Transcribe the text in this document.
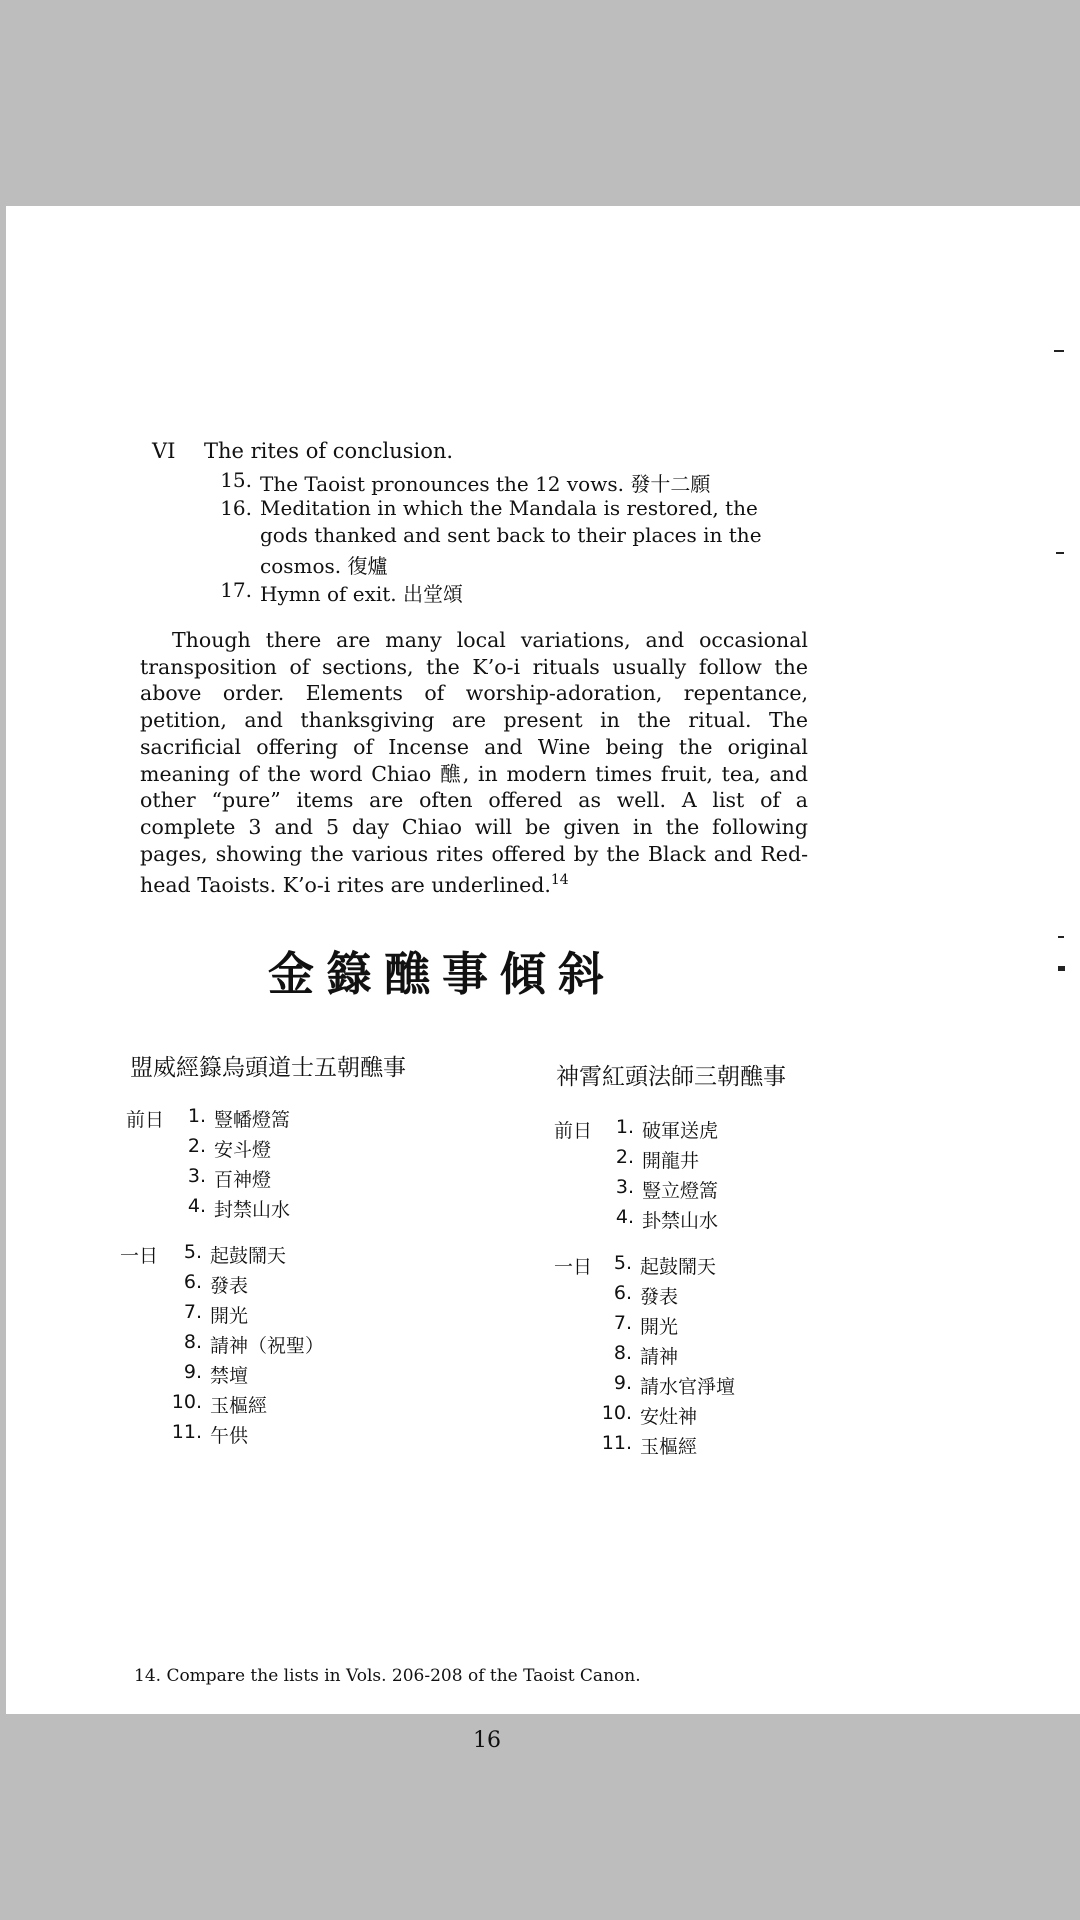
VI The rites of conclusion.
15. The Taoist pronounces the 12 vows. 發十二願
16. Meditation in which the Mandala is restored, the
gods thanked and sent back to their places in the
cosmos. 復爐
17. Hymn of exit. 出堂頌

Though there are many local variations, and occasional transposition of sections, the K’o-i rituals usually follow the above order. Elements of worship-adoration, repentance, petition, and thanksgiving are present in the ritual. The sacrificial offering of Incense and Wine being the original meaning of the word Chiao 醮, in modern times fruit, tea, and other “pure” items are often offered as well. A list of a complete 3 and 5 day Chiao will be given in the following pages, showing the various rites offered by the Black and Red-head Taoists. K’o-i rites are underlined.$^{14}$

金籙醮事傾斜
盟威經籙烏頭道士五朝醮事
前日	1. 豎幡燈篙
2. 安斗燈
3. 百神燈
4. 封禁山水
一日	5. 起鼓鬧天
6. 發表
7. 開光
8. 請神（祝聖）
9. 禁壇
10. 玉樞經
11. 午供
神霄紅頭法師三朝醮事
前日	1. 破軍送虎
2. 開龍井
3. 豎立燈篙
4. 卦禁山水
一日	5. 起鼓鬧天
6. 發表
7. 開光
8. 請神
9. 請水官淨壇
10. 安灶神
11. 玉樞經
14. Compare the lists in Vols. 206-208 of the Taoist Canon.
16
